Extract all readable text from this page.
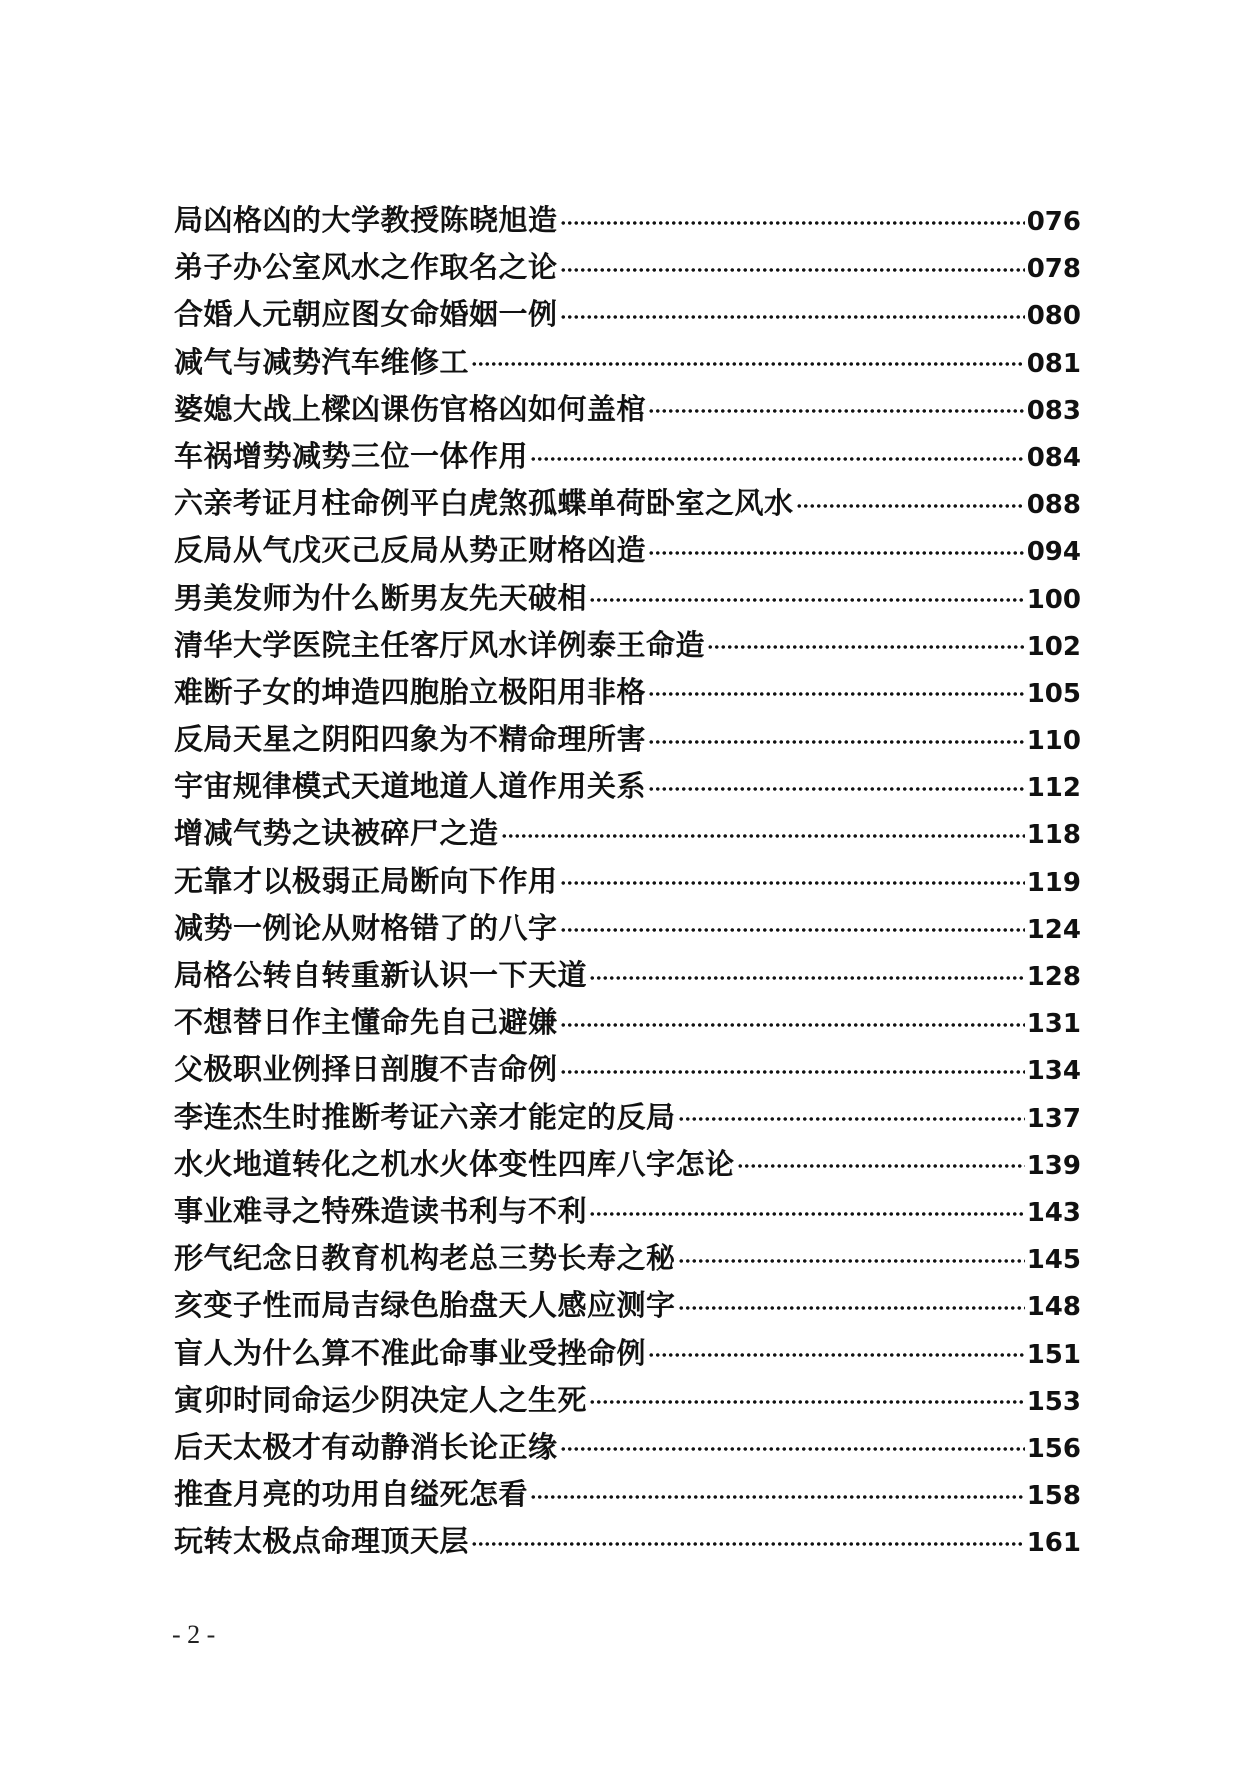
局凶格凶的大学教授陈晓旭造	076
弟子办公室风水之作取名之论	078
合婚人元朝应图女命婚姻一例	080
减气与减势汽车维修工	081
婆媳大战上樑凶课伤官格凶如何盖棺	083
车祸增势减势三位一体作用	084
六亲考证月柱命例平白虎煞孤蝶单荷卧室之风水	088
反局从气戊灭己反局从势正财格凶造	094
男美发师为什么断男友先天破相	100
清华大学医院主任客厅风水详例泰王命造	102
难断子女的坤造四胞胎立极阳用非格	105
反局天星之阴阳四象为不精命理所害	110
宇宙规律模式天道地道人道作用关系	112
增减气势之诀被碎尸之造	118
无靠才以极弱正局断向下作用	119
减势一例论从财格错了的八字	124
局格公转自转重新认识一下天道	128
不想替日作主懂命先自己避嫌	131
父极职业例择日剖腹不吉命例	134
李连杰生时推断考证六亲才能定的反局	137
水火地道转化之机水火体变性四库八字怎论	139
事业难寻之特殊造读书利与不利	143
形气纪念日教育机构老总三势长寿之秘	145
亥变子性而局吉绿色胎盘天人感应测字	148
盲人为什么算不准此命事业受挫命例	151
寅卯时同命运少阴决定人之生死	153
后天太极才有动静消长论正缘	156
推查月亮的功用自缢死怎看	158
玩转太极点命理顶天层	161
- 2 -
